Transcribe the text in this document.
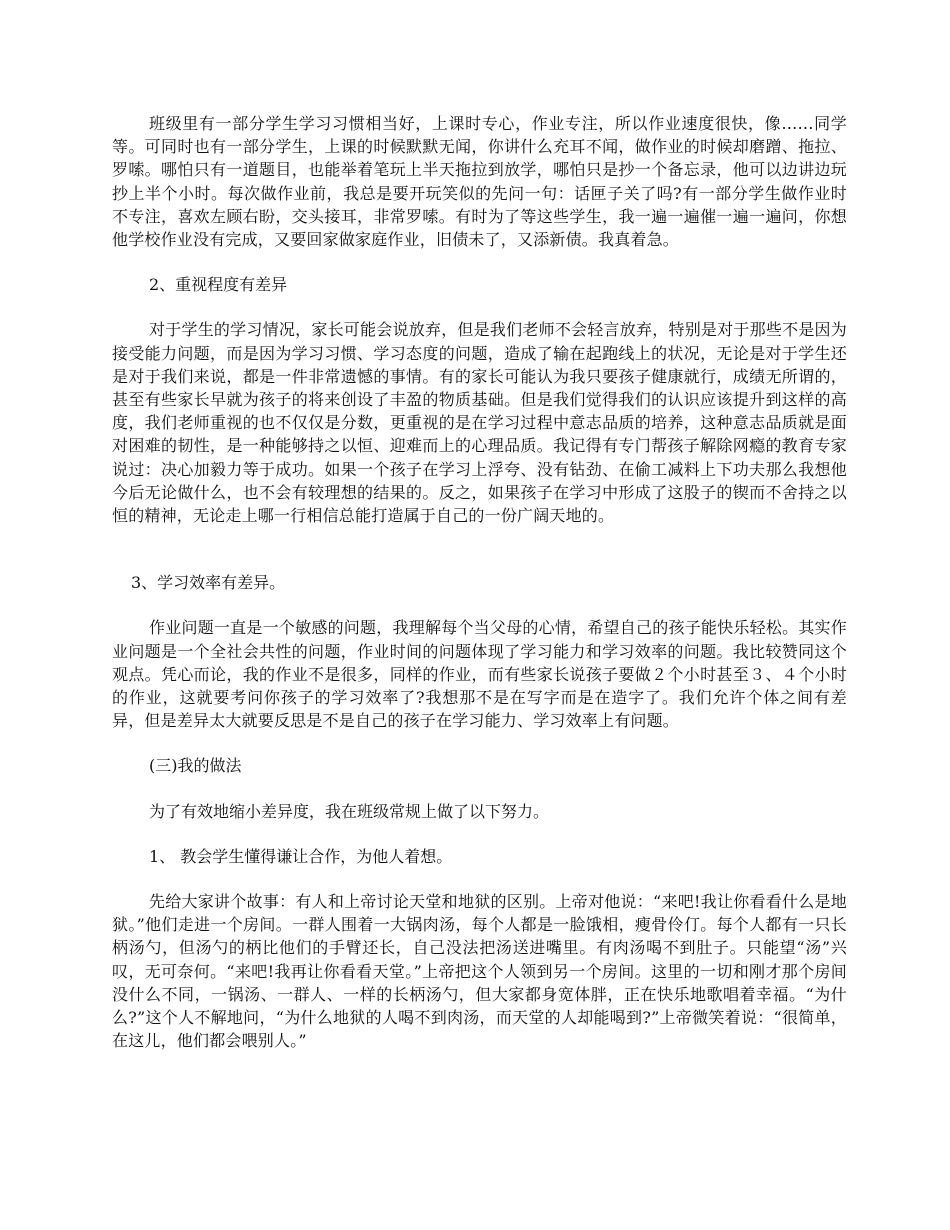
班级里有一部分学生学习习惯相当好，上课时专心，作业专注，所以作业速度很快，像……同学等。可同时也有一部分学生，上课的时候默默无闻，你讲什么充耳不闻，做作业的时候却磨蹭、拖拉、罗嗦。哪怕只有一道题目，也能举着笔玩上半天拖拉到放学，哪怕只是抄一个备忘录，他可以边讲边玩抄上半个小时。每次做作业前，我总是要开玩笑似的先问一句：话匣子关了吗?有一部分学生做作业时不专注，喜欢左顾右盼，交头接耳，非常罗嗦。有时为了等这些学生，我一遍一遍催一遍一遍问，你想他学校作业没有完成，又要回家做家庭作业，旧债未了，又添新债。我真着急。

2、重视程度有差异

对于学生的学习情况，家长可能会说放弃，但是我们老师不会轻言放弃，特别是对于那些不是因为接受能力问题，而是因为学习习惯、学习态度的问题，造成了输在起跑线上的状况，无论是对于学生还是对于我们来说，都是一件非常遗憾的事情。有的家长可能认为我只要孩子健康就行，成绩无所谓的，甚至有些家长早就为孩子的将来创设了丰盈的物质基础。但是我们觉得我们的认识应该提升到这样的高度，我们老师重视的也不仅仅是分数，更重视的是在学习过程中意志品质的培养，这种意志品质就是面对困难的韧性，是一种能够持之以恒、迎难而上的心理品质。我记得有专门帮孩子解除网瘾的教育专家说过：决心加毅力等于成功。如果一个孩子在学习上浮夸、没有钻劲、在偷工减料上下功夫那么我想他今后无论做什么，也不会有较理想的结果的。反之，如果孩子在学习中形成了这股子的锲而不舍持之以恒的精神，无论走上哪一行相信总能打造属于自己的一份广阔天地的。

3、学习效率有差异。

作业问题一直是一个敏感的问题，我理解每个当父母的心情，希望自己的孩子能快乐轻松。其实作业问题是一个全社会共性的问题，作业时间的问题体现了学习能力和学习效率的问题。我比较赞同这个观点。凭心而论，我的作业不是很多，同样的作业，而有些家长说孩子要做２个小时甚至３、４个小时的作业，这就要考问你孩子的学习效率了?我想那不是在写字而是在造字了。我们允许个体之间有差异，但是差异太大就要反思是不是自己的孩子在学习能力、学习效率上有问题。

(三)我的做法

为了有效地缩小差异度，我在班级常规上做了以下努力。

1、 教会学生懂得谦让合作，为他人着想。

先给大家讲个故事：有人和上帝讨论天堂和地狱的区别。上帝对他说：“来吧!我让你看看什么是地狱。”他们走进一个房间。一群人围着一大锅肉汤，每个人都是一脸饿相，瘦骨伶仃。每个人都有一只长柄汤勺，但汤勺的柄比他们的手臂还长，自己没法把汤送进嘴里。有肉汤喝不到肚子。只能望“汤”兴叹，无可奈何。“来吧!我再让你看看天堂。”上帝把这个人领到另一个房间。这里的一切和刚才那个房间没什么不同，一锅汤、一群人、一样的长柄汤勺，但大家都身宽体胖，正在快乐地歌唱着幸福。“为什么?”这个人不解地问，“为什么地狱的人喝不到肉汤，而天堂的人却能喝到?”上帝微笑着说：“很简单，在这儿，他们都会喂别人。”
